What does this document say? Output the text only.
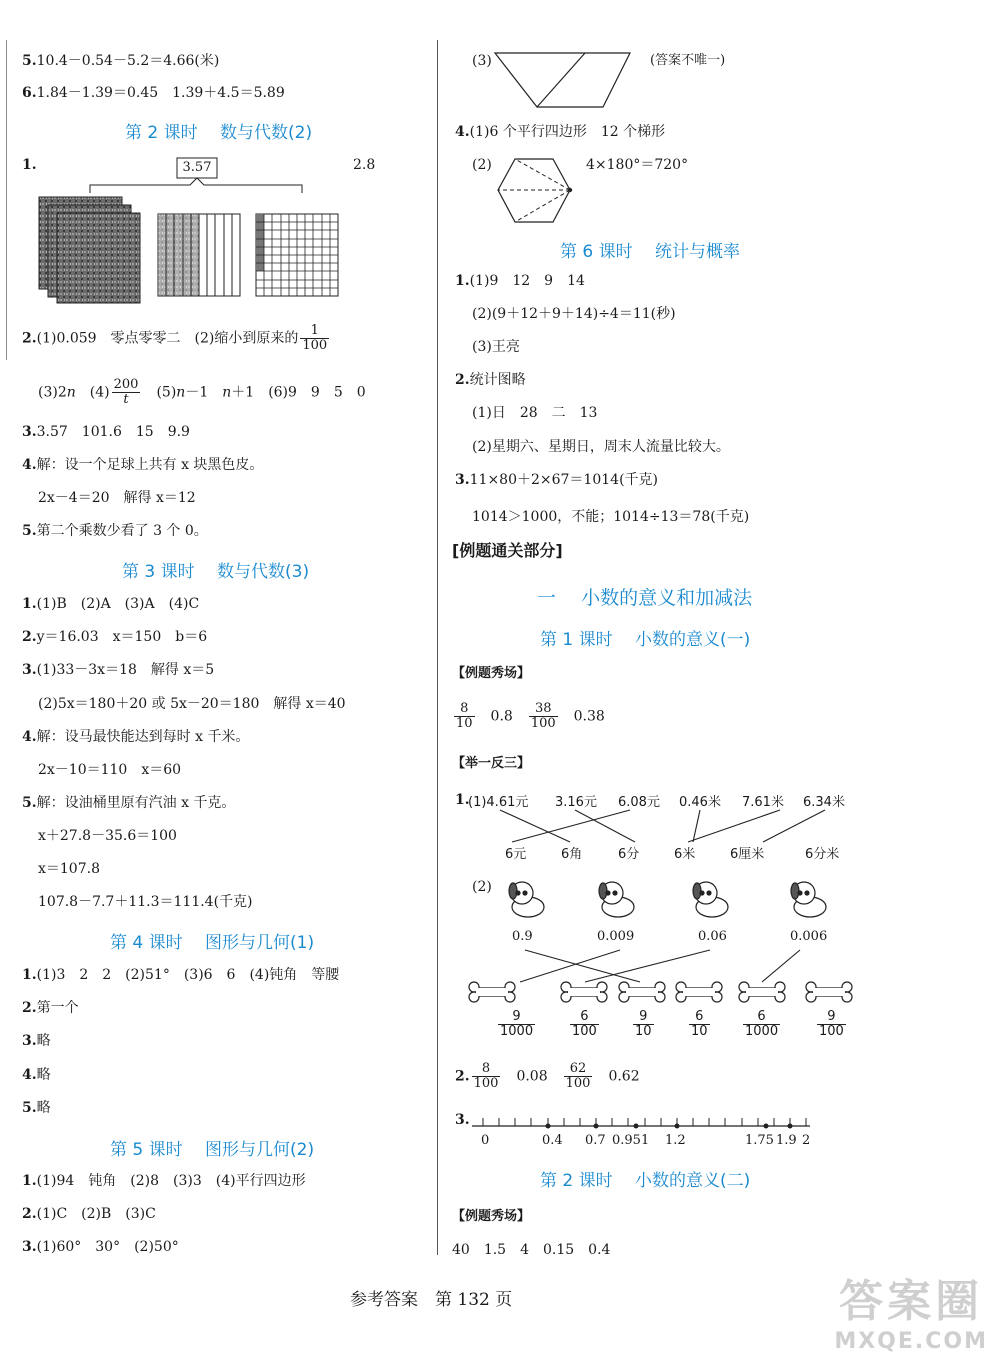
5.10.4－0.54－5.2＝4.66(米)
6.1.84－1.39＝0.45　1.39＋4.5＝5.89
第 2 课时　 数与代数(2)
1.	2.8
3.57
2.(1)0.059　零点零零二　(2)缩小到原来的 $\frac{1}{100}$
(3)2n　 $(4) \frac{200}{t}$
　 (5)n－1　n＋1　(6)9　9　5　0
3.3.57　101.6　15　9.9
4.解：设一个足球上共有 x 块黑色皮。
2x－4＝20　解得 x＝12
5.第二个乘数少看了 3 个 0。
第 3 课时　 数与代数(3)
1.(1)B　(2)A　(3)A　(4)C
2.y＝16.03　x＝150　b＝6
3.(1)33－3x＝18　解得 x＝5
(2)5x＝180＋20 或 5x－20＝180　解得 x＝40
4.解：设马最快能达到每时 x 千米。
2x－10＝110　x＝60
5.解：设油桶里原有汽油 x 千克。
x＋27.8－35.6＝100
x＝107.8
107.8－7.7＋11.3＝111.4(千克)
第 4 课时　 图形与几何(1)
1.(1)3　2　2　(2)51°　(3)6　6　(4)钝角　等腰
2.第一个
3.略
4.略
5.略
第 5 课时　 图形与几何(2)
1.(1)94　钝角　(2)8　(3)3　(4)平行四边形
2.(1)C　(2)B　(3)C
3.(1)60°　30°　(2)50°
(3)	(答案不唯一)
4.(1)6 个平行四边形　12 个梯形
(2)	4×180°＝720°
第 6 课时　 统计与概率
1.(1)9　12　9　14
(2)(9＋12＋9＋14)÷4＝11(秒)
(3)王亮
2.统计图略
(1)日　28　二　13
(2)星期六、星期日，周末人流量比较大。
3.11×80＋2×67＝1014(千克)
1014＞1000，不能；1014÷13＝78(千克)
[例题通关部分]
一　 小数的意义和加减法
第 1 课时　 小数的意义(一)
【例题秀场】
$\frac{8}{10}$
　 0.8　 $\frac{38}{100}$
　 0.38
【举一反三】
1.
(1)4.61元 3.16元 6.08元 0.46米 7.61米 6.34米
6元	6角	6分	6米	6厘米	6分米
(2)
0.9	0.009	0.06	0.006
$\frac{9}{1000}$	$\frac{6}{100}$	$\frac{9}{10}$	$\frac{6}{10}$	$\frac{6}{1000}$	$\frac{9}{100}$
2. $\frac{8}{100}$
　 0.08　 $\frac{62}{100}$
　 0.62
3.
0	0.4 0.7 0.951 1.2	1.75 1.9 2
第 2 课时　 小数的意义(二)
【例题秀场】
40　1.5　4　0.15　0.4
参考答案　第 132 页	答案圈
MXQE.COM
